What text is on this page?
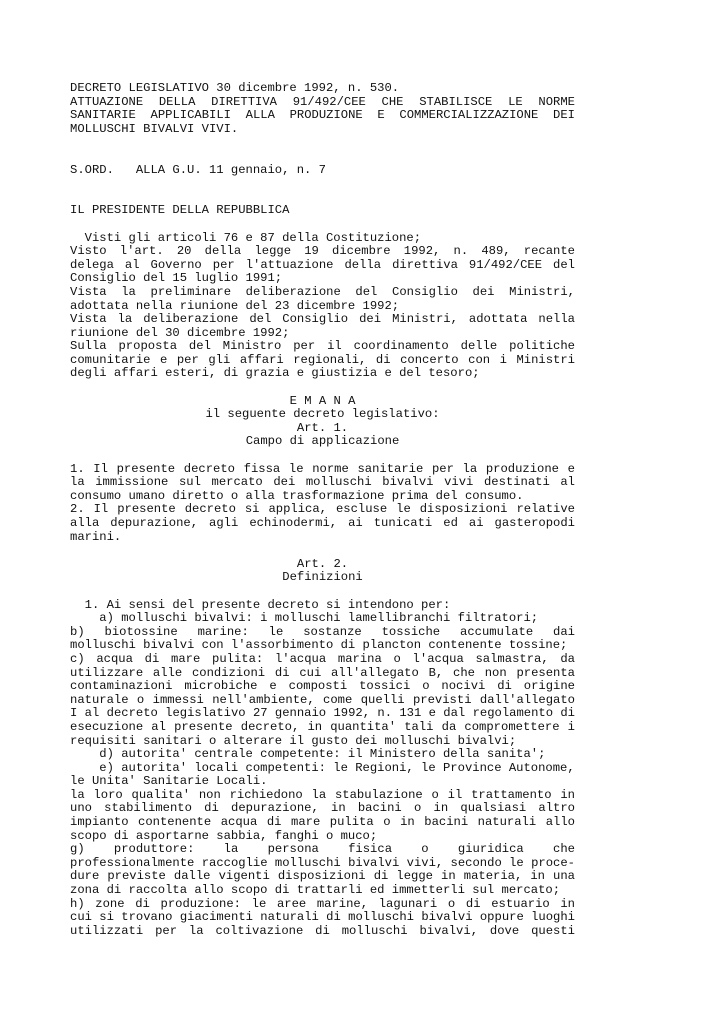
DECRETO LEGISLATIVO 30 dicembre 1992, n. 530.
ATTUAZIONE DELLA DIRETTIVA 91/492/CEE CHE STABILISCE LE NORME
SANITARIE APPLICABILI ALLA PRODUZIONE E COMMERCIALIZZAZIONE DEI
MOLLUSCHI BIVALVI VIVI.
S.ORD.   ALLA G.U. 11 gennaio, n. 7
IL PRESIDENTE DELLA REPUBBLICA
Visti gli articoli 76 e 87 della Costituzione;
Visto l'art. 20 della legge 19 dicembre 1992, n. 489, recante
delega al Governo per l'attuazione della direttiva 91/492/CEE del
Consiglio del 15 luglio 1991;
Vista la preliminare deliberazione del Consiglio dei Ministri,
adottata nella riunione del 23 dicembre 1992;
Vista la deliberazione del Consiglio dei Ministri, adottata nella
riunione del 30 dicembre 1992;
Sulla proposta del Ministro per il coordinamento delle politiche
comunitarie e per gli affari regionali, di concerto con i Ministri
degli affari esteri, di grazia e giustizia e del tesoro;
E M A N A
il seguente decreto legislativo:
Art. 1.
Campo di applicazione
1. Il presente decreto fissa le norme sanitarie per la produzione e
la immissione sul mercato dei molluschi bivalvi vivi destinati al
consumo umano diretto o alla trasformazione prima del consumo.
2. Il presente decreto si applica, escluse le disposizioni relative
alla depurazione, agli echinodermi, ai tunicati ed ai gasteropodi
marini.
Art. 2.
Definizioni
1. Ai sensi del presente decreto si intendono per:
a) molluschi bivalvi: i molluschi lamellibranchi filtratori;
b) biotossine marine: le sostanze tossiche accumulate dai
molluschi bivalvi con l'assorbimento di plancton contenente tossine;
c) acqua di mare pulita: l'acqua marina o l'acqua salmastra, da
utilizzare alle condizioni di cui all'allegato B, che non presenta
contaminazioni microbiche e composti tossici o nocivi di origine
naturale o immessi nell'ambiente, come quelli previsti dall'allegato
I al decreto legislativo 27 gennaio 1992, n. 131 e dal regolamento di
esecuzione al presente decreto, in quantita' tali da compromettere i
requisiti sanitari o alterare il gusto dei molluschi bivalvi;
d) autorita' centrale competente: il Ministero della sanita';
e) autorita' locali competenti: le Regioni, le Province Autonome,
le Unita' Sanitarie Locali.
la loro qualita' non richiedono la stabulazione o il trattamento in
uno stabilimento di depurazione, in bacini o in qualsiasi altro
impianto contenente acqua di mare pulita o in bacini naturali allo
scopo di asportarne sabbia, fanghi o muco;
g) produttore: la persona fisica o giuridica che
professionalmente raccoglie molluschi bivalvi vivi, secondo le proce-
dure previste dalle vigenti disposizioni di legge in materia, in una
zona di raccolta allo scopo di trattarli ed immetterli sul mercato;
h) zone di produzione: le aree marine, lagunari o di estuario in
cui si trovano giacimenti naturali di molluschi bivalvi oppure luoghi
utilizzati per la coltivazione di molluschi bivalvi, dove questi
